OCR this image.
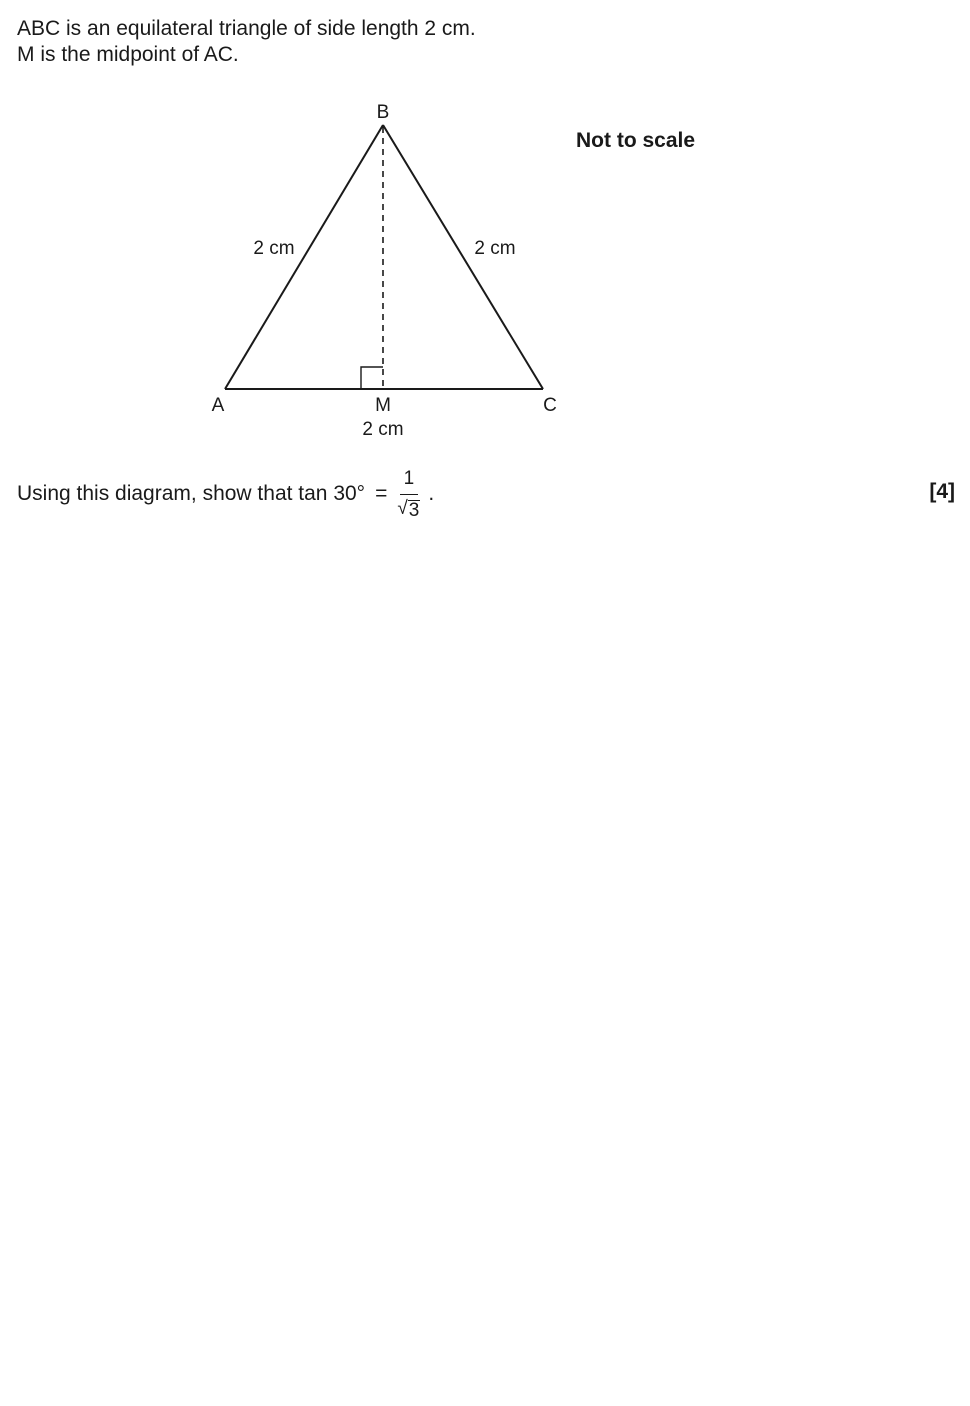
ABC is an equilateral triangle of side length 2 cm.

M is the midpoint of AC.

B
A	C
M
2 cm	2 cm
2 cm
Not to scale
Using this diagram, show that $\tan 30^\circ = \frac{1}{√ 3}$ .	[4]
